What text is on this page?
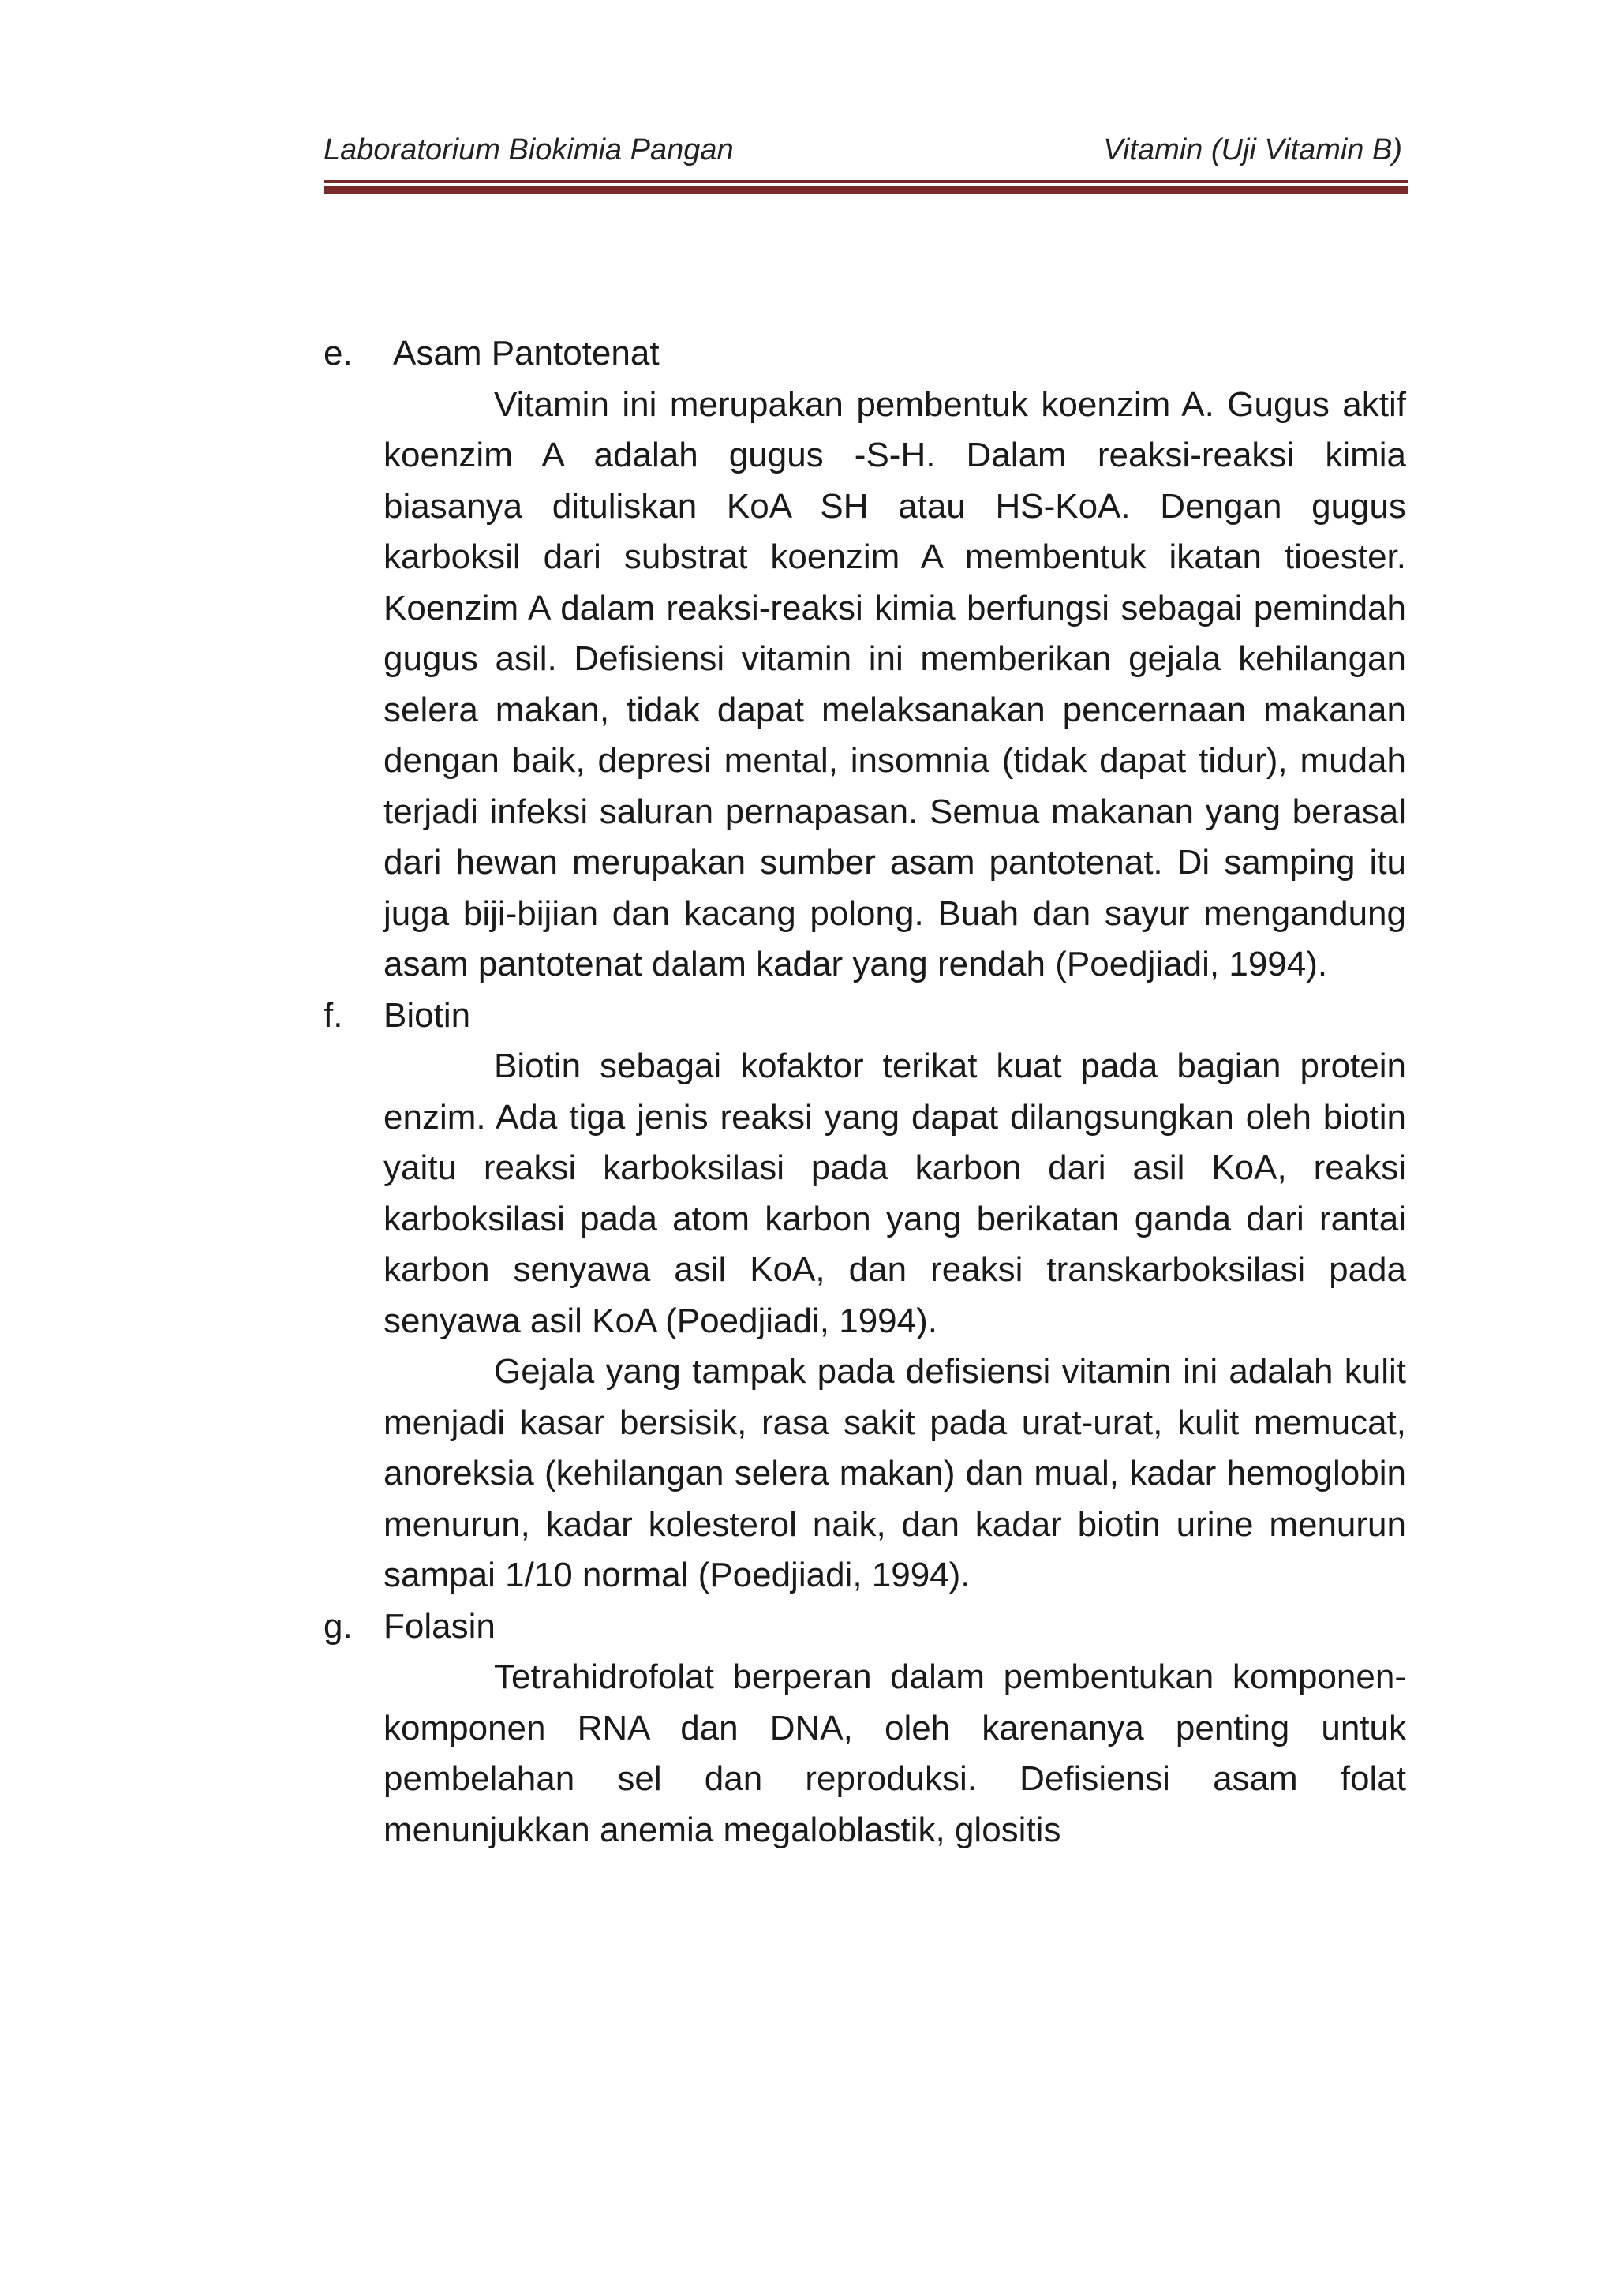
Laboratorium Biokimia Pangan	Vitamin (Uji Vitamin B)
e. Asam Pantotenat

Vitamin ini merupakan pembentuk koenzim A. Gugus aktif koenzim A adalah gugus -S-H. Dalam reaksi-reaksi kimia biasanya dituliskan KoA SH atau HS-KoA. Dengan gugus karboksil dari substrat koenzim A membentuk ikatan tioester. Koenzim A dalam reaksi-reaksi kimia berfungsi sebagai pemindah gugus asil. Defisiensi vitamin ini memberikan gejala kehilangan selera makan, tidak dapat melaksanakan pencernaan makanan dengan baik, depresi mental, insomnia (tidak dapat tidur), mudah terjadi infeksi saluran pernapasan. Semua makanan yang berasal dari hewan merupakan sumber asam pantotenat. Di samping itu juga biji-bijian dan kacang polong. Buah dan sayur mengandung asam pantotenat dalam kadar yang rendah (Poedjiadi, 1994).

f. Biotin

Biotin sebagai kofaktor terikat kuat pada bagian protein enzim. Ada tiga jenis reaksi yang dapat dilangsungkan oleh biotin yaitu reaksi karboksilasi pada karbon dari asil KoA, reaksi karboksilasi pada atom karbon yang berikatan ganda dari rantai karbon senyawa asil KoA, dan reaksi transkarboksilasi pada senyawa asil KoA (Poedjiadi, 1994).

Gejala yang tampak pada defisiensi vitamin ini adalah kulit menjadi kasar bersisik, rasa sakit pada urat-urat, kulit memucat, anoreksia (kehilangan selera makan) dan mual, kadar hemoglobin menurun, kadar kolesterol naik, dan kadar biotin urine menurun sampai 1/10 normal (Poedjiadi, 1994).

g. Folasin

Tetrahidrofolat berperan dalam pembentukan komponen-komponen RNA dan DNA, oleh karenanya penting untuk pembelahan sel dan reproduksi. Defisiensi asam folat menunjukkan anemia megaloblastik, glositis
